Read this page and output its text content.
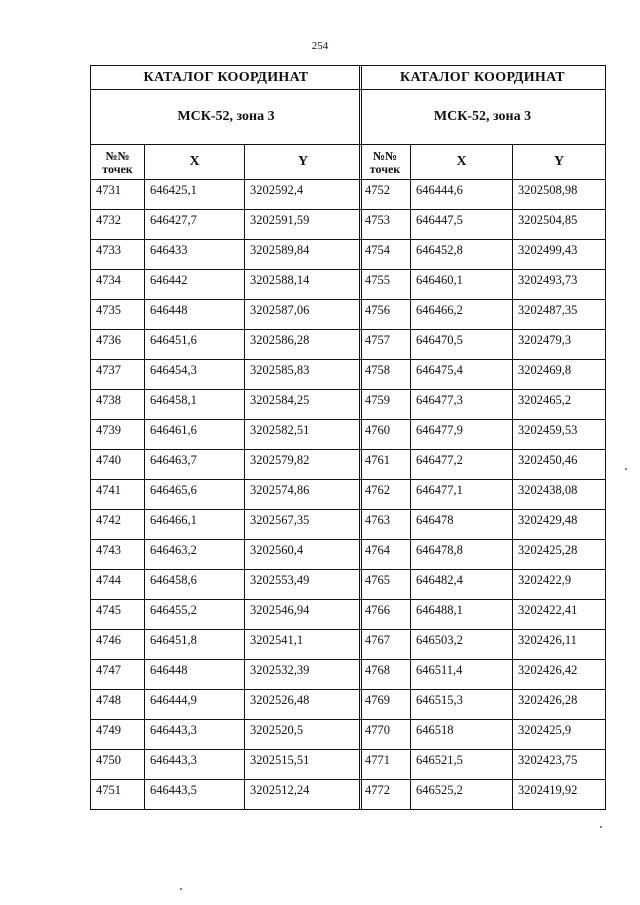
254
КАТАЛОГ КООРДИНАТ		
МСК-52, зона 3		
№№
точек	X	Y
4731	646425,1	3202592,4
4732	646427,7	3202591,59
4733	646433	3202589,84
4734	646442	3202588,14
4735	646448	3202587,06
4736	646451,6	3202586,28
4737	646454,3	3202585,83
4738	646458,1	3202584,25
4739	646461,6	3202582,51
4740	646463,7	3202579,82
4741	646465,6	3202574,86
4742	646466,1	3202567,35
4743	646463,2	3202560,4
4744	646458,6	3202553,49
4745	646455,2	3202546,94
4746	646451,8	3202541,1
4747	646448	3202532,39
4748	646444,9	3202526,48
4749	646443,3	3202520,5
4750	646443,3	3202515,51
4751	646443,5	3202512,24
КАТАЛОГ КООРДИНАТ		
МСК-52, зона 3		
№№
точек	X	Y
4752	646444,6	3202508,98
4753	646447,5	3202504,85
4754	646452,8	3202499,43
4755	646460,1	3202493,73
4756	646466,2	3202487,35
4757	646470,5	3202479,3
4758	646475,4	3202469,8
4759	646477,3	3202465,2
4760	646477,9	3202459,53
4761	646477,2	3202450,46
4762	646477,1	3202438,08
4763	646478	3202429,48
4764	646478,8	3202425,28
4765	646482,4	3202422,9
4766	646488,1	3202422,41
4767	646503,2	3202426,11
4768	646511,4	3202426,42
4769	646515,3	3202426,28
4770	646518	3202425,9
4771	646521,5	3202423,75
4772	646525,2	3202419,92
